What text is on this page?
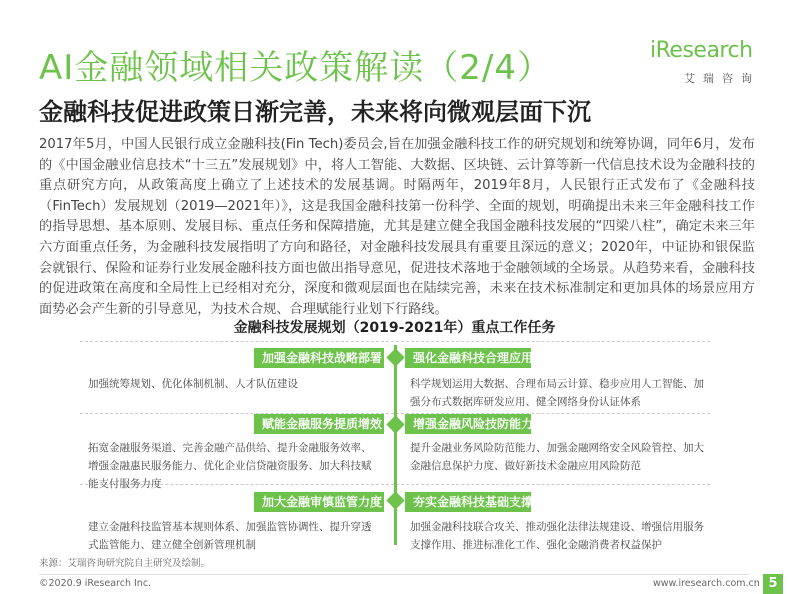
AI金融领域相关政策解读（2/4）
金融科技促进政策日渐完善，未来将向微观层面下沉
iResearch
艾瑞咨询
2017年5月，中国人民银行成立金融科技(Fin Tech)委员会,旨在加强金融科技工作的研究规划和统筹协调，同年6月，发布的《中国金融业信息技术“十三五”发展规划》中，将人工智能、大数据、区块链、云计算等新一代信息技术设为金融科技的重点研究方向，从政策高度上确立了上述技术的发展基调。时隔两年，2019年8月，人民银行正式发布了《金融科技（FinTech）发展规划（2019—2021年）》，这是我国金融科技第一份科学、全面的规划，明确提出未来三年金融科技工作的指导思想、基本原则、发展目标、重点任务和保障措施，尤其是建立健全我国金融科技发展的“四梁八柱”，确定未来三年六方面重点任务，为金融科技发展指明了方向和路径，对金融科技发展具有重要且深远的意义；2020年，中证协和银保监会就银行、保险和证券行业发展金融科技方面也做出指导意见，促进技术落地于金融领域的全场景。从趋势来看，金融科技的促进政策在高度和全局性上已经相对充分，深度和微观层面也在陆续完善，未来在技术标准制定和更加具体的场景应用方面势必会产生新的引导意见，为技术合规、合理赋能行业划下行路线。
金融科技发展规划（2019-2021年）重点工作任务
加强金融科技战略部署	强化金融科技合理应用
加强统筹规划、优化体制机制、人才队伍建设	科学规划运用大数据、合理布局云计算、稳步应用人工智能、加强分布式数据库研发应用、健全网络身份认证体系
赋能金融服务提质增效	增强金融风险技防能力
拓宽金融服务渠道、完善金融产品供给、提升金融服务效率、增强金融惠民服务能力、优化企业信贷融资服务、加大科技赋能支付服务力度
提升金融业务风险防范能力、加强金融网络安全风险管控、加大金融信息保护力度、做好新技术金融应用风险防范
加大金融审慎监管力度	夯实金融科技基础支撑
建立金融科技监管基本规则体系、加强监管协调性、提升穿透式监管能力、建立健全创新管理机制
加强金融科技联合攻关、推动强化法律法规建设、增强信用服务支撑作用、推进标准化工作、强化金融消费者权益保护
来源：艾瑞咨询研究院自主研究及绘制。
©2020.9 iResearch Inc.	www.iresearch.com.cn 5
